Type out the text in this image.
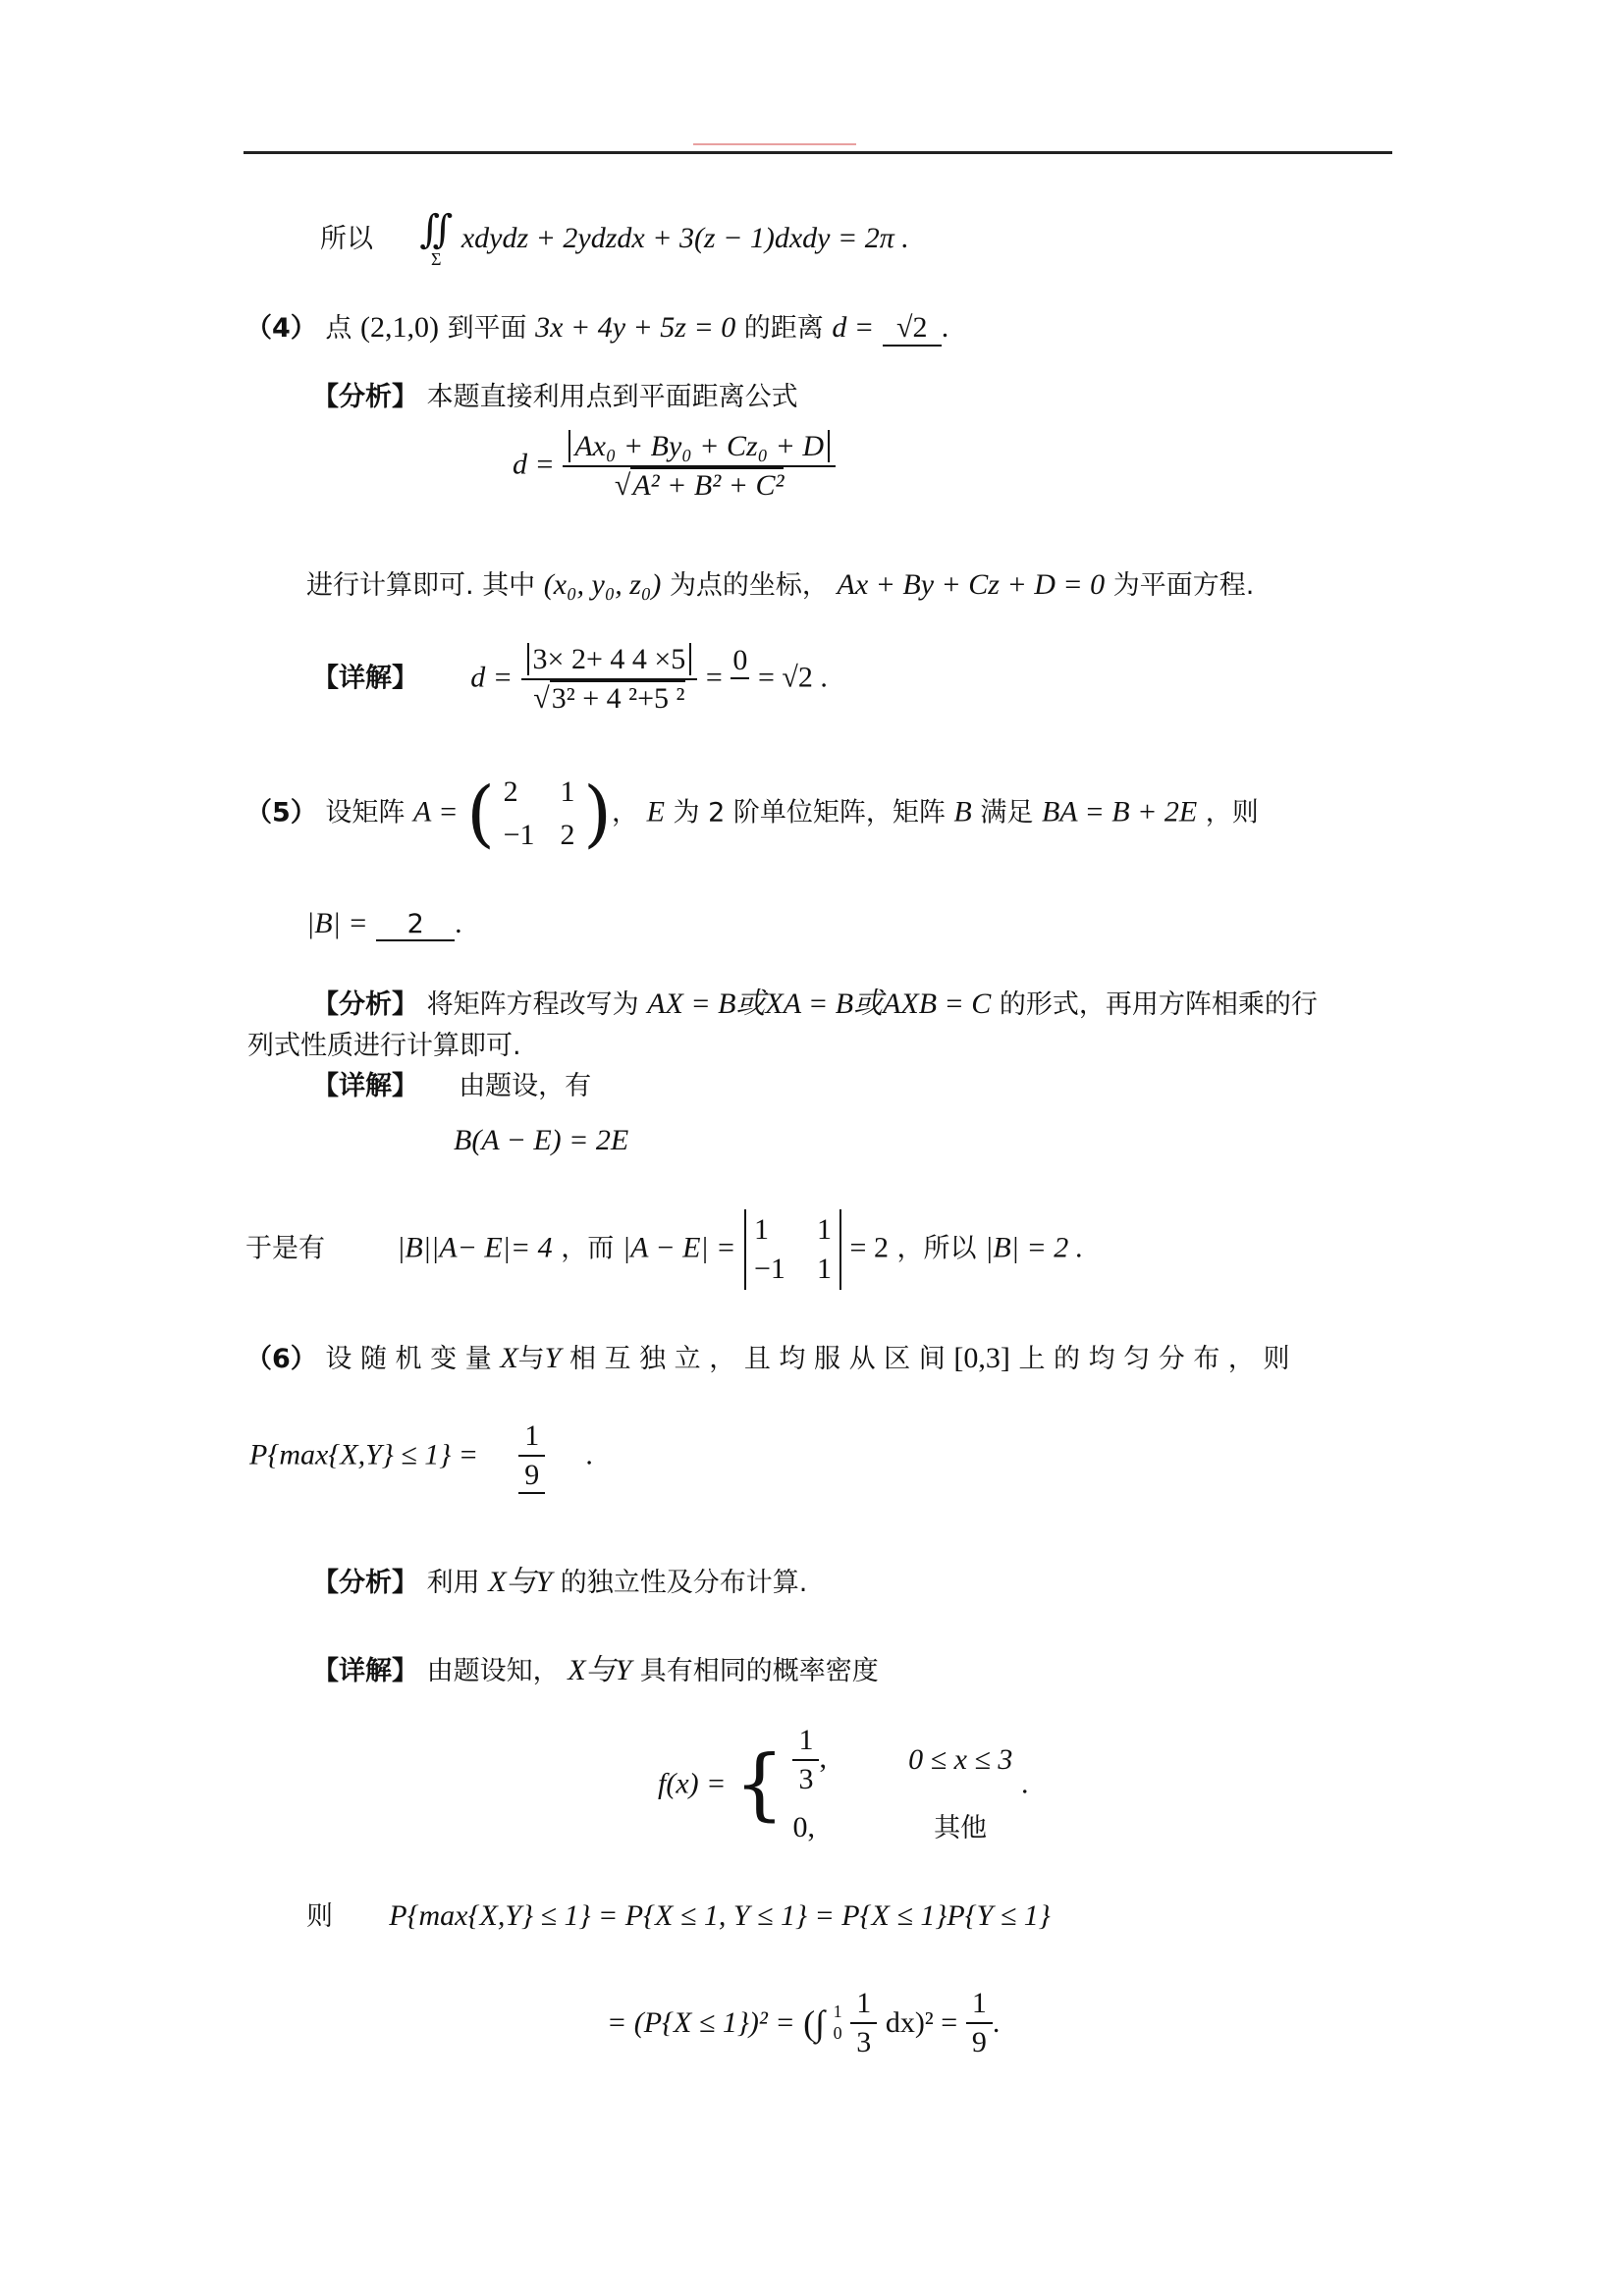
所以 ∬
Σ
xdydz + 2ydzdx + 3(z − 1)dxdy = 2π .
（4） 点 (2,1,0) 到平面 3x + 4y + 5z = 0 的距离 d = √2 .
【分析】 本题直接利用点到平面距离公式
$d = \frac{\text{Ax₀ + By₀ + Cz₀ + D}}{\text{√A² + B² + C²}}$
进行计算即可. 其中 (x₀, y₀, z₀) 为点的坐标， Ax + By + Cz + D = 0 为平面方程.
【详解】 $d = \frac{3\times 2+ 4 4 \times 5}{\text{√3² + 4 ²+5 ²}}$ =
0

= √2 .
（5） 设矩阵 A = ( 2	1
−1 2 )， E 为 2 阶单位矩阵，矩阵 B 满足 BA = B + 2E ，则
|B| = 2 .
【分析】 将矩阵方程改写为 AX = B或XA = B或AXB = C 的形式，再用方阵相乘的行
列式性质进行计算即可.
【详解】 由题设，有
B(A − E) = 2E
于是有 |B||A− E|= 4 ，而 |A − E| =
1	1
−1 1
= 2 ，所以 |B| = 2 .
（6） 设 随 机 变 量 X与Y 相 互 独 立 ， 且 均 服 从 区 间 [0,3] 上 的 均 匀 分 布 ， 则
$P\{\max\{X,Y\} \le 1\} = \frac{1}{9}$ .
【分析】 利用 X与Y 的独立性及分布计算.
【详解】 由题设知， X与Y 具有相同的概率密度
f(x) = { $\frac{1}{3}$ ,	0 ≤ x ≤ 3
0,	其他
.
则 P{max{X,Y} ≤ 1} = P{X ≤ 1, Y ≤ 1} = P{X ≤ 1}P{Y ≤ 1}
= (P{X ≤ 1})² = (∫ 1
0
$\frac{1}{3} dx)^2 = \frac{1}{9}$ .
